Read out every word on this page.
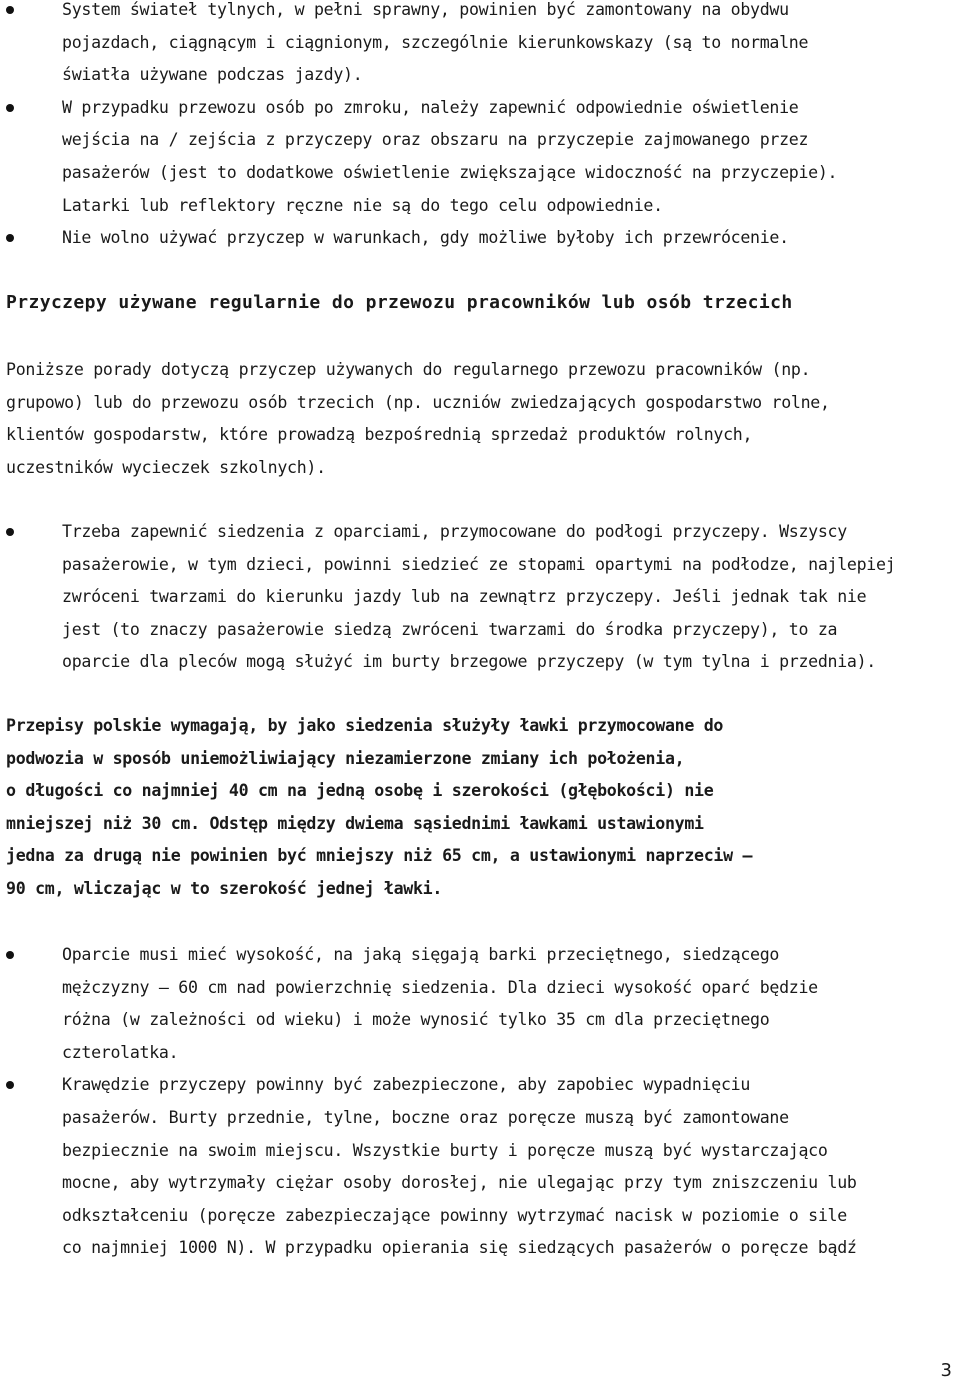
System świateł tylnych, w pełni sprawny, powinien być zamontowany na obydwu
pojazdach, ciągnącym i ciągnionym, szczególnie kierunkowskazy (są to normalne
światła używane podczas jazdy).
W przypadku przewozu osób po zmroku, należy zapewnić odpowiednie oświetlenie
wejścia na / zejścia z przyczepy oraz obszaru na przyczepie zajmowanego przez
pasażerów (jest to dodatkowe oświetlenie zwiększające widoczność na przyczepie).
Latarki lub reflektory ręczne nie są do tego celu odpowiednie.
Nie wolno używać przyczep w warunkach, gdy możliwe byłoby ich przewrócenie.
Przyczepy używane regularnie do przewozu pracowników lub osób trzecich
Poniższe porady dotyczą przyczep używanych do regularnego przewozu pracowników (np.
grupowo) lub do przewozu osób trzecich (np. uczniów zwiedzających gospodarstwo rolne,
klientów gospodarstw, które prowadzą bezpośrednią sprzedaż produktów rolnych,
uczestników wycieczek szkolnych).
Trzeba zapewnić siedzenia z oparciami, przymocowane do podłogi przyczepy. Wszyscy
pasażerowie, w tym dzieci, powinni siedzieć ze stopami opartymi na podłodze, najlepiej
zwróceni twarzami do kierunku jazdy lub na zewnątrz przyczepy. Jeśli jednak tak nie
jest (to znaczy pasażerowie siedzą zwróceni twarzami do środka przyczepy), to za
oparcie dla pleców mogą służyć im burty brzegowe przyczepy (w tym tylna i przednia).
Przepisy polskie wymagają, by jako siedzenia służyły ławki przymocowane do
podwozia w sposób uniemożliwiający niezamierzone zmiany ich położenia,
o długości co najmniej 40 cm na jedną osobę i szerokości (głębokości) nie
mniejszej niż 30 cm. Odstęp między dwiema sąsiednimi ławkami ustawionymi
jedna za drugą nie powinien być mniejszy niż 65 cm, a ustawionymi naprzeciw —
90 cm, wliczając w to szerokość jednej ławki.
Oparcie musi mieć wysokość, na jaką sięgają barki przeciętnego, siedzącego
mężczyzny — 60 cm nad powierzchnię siedzenia. Dla dzieci wysokość oparć będzie
różna (w zależności od wieku) i może wynosić tylko 35 cm dla przeciętnego
czterolatka.
Krawędzie przyczepy powinny być zabezpieczone, aby zapobiec wypadnięciu
pasażerów. Burty przednie, tylne, boczne oraz poręcze muszą być zamontowane
bezpiecznie na swoim miejscu. Wszystkie burty i poręcze muszą być wystarczająco
mocne, aby wytrzymały ciężar osoby dorosłej, nie ulegając przy tym zniszczeniu lub
odkształceniu (poręcze zabezpieczające powinny wytrzymać nacisk w poziomie o sile
co najmniej 1000 N). W przypadku opierania się siedzących pasażerów o poręcze bądź
3
